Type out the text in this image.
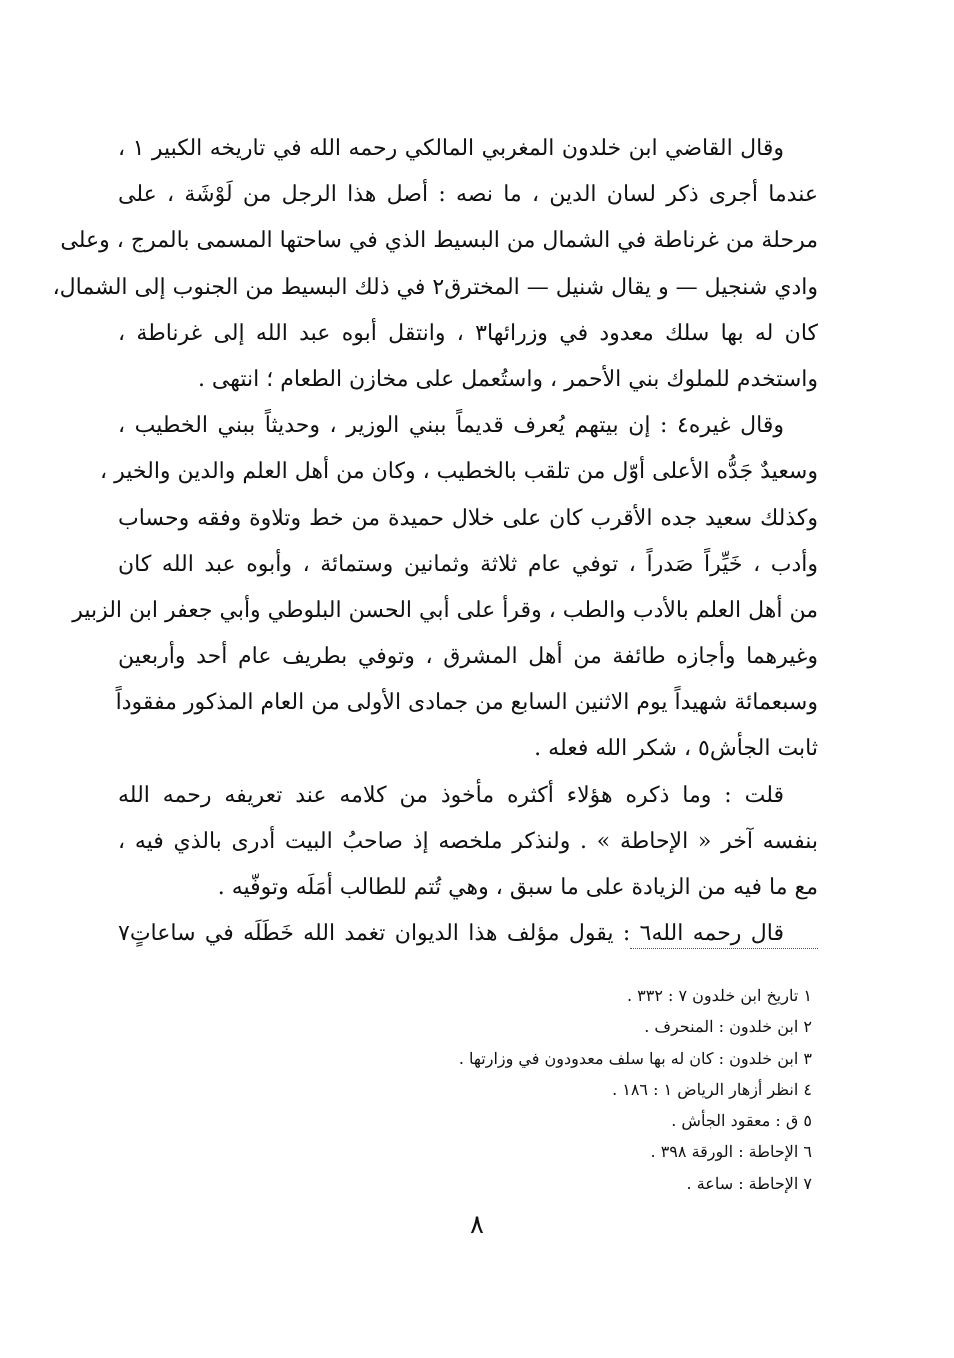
وقال القاضي ابن خلدون المغربي المالكي رحمه الله في تاريخه الكبير ١ ،
عندما أجرى ذكر لسان الدين ، ما نصه : أصل هذا الرجل من لَوْشَة ، على
مرحلة من غرناطة في الشمال من البسيط الذي في ساحتها المسمى بالمرج ، وعلى
وادي شنجيل — و يقال شنيل — المخترق٢ في ذلك البسيط من الجنوب إلى الشمال،
كان له بها سلك معدود في وزرائها٣ ، وانتقل أبوه عبد الله إلى غرناطة ،
واستخدم للملوك بني الأحمر ، واستُعمل على مخازن الطعام ؛ انتهى .
وقال غيره٤ : إن بيتهم يُعرف قديماً ببني الوزير ، وحديثاً ببني الخطيب ،
وسعيدٌ جَدُّه الأعلى أوّل من تلقب بالخطيب ، وكان من أهل العلم والدين والخير ،
وكذلك سعيد جده الأقرب كان على خلال حميدة من خط وتلاوة وفقه وحساب
وأدب ، خَيِّراً صَدراً ، توفي عام ثلاثة وثمانين وستمائة ، وأبوه عبد الله كان
من أهل العلم بالأدب والطب ، وقرأ على أبي الحسن البلوطي وأبي جعفر ابن الزبير
وغيرهما وأجازه طائفة من أهل المشرق ، وتوفي بطريف عام أحد وأربعين
وسبعمائة شهيداً يوم الاثنين السابع من جمادى الأولى من العام المذكور مفقوداً
ثابت الجأش٥ ، شكر الله فعله .
قلت : وما ذكره هؤلاء أكثره مأخوذ من كلامه عند تعريفه رحمه الله
بنفسه آخر « الإحاطة » . ولنذكر ملخصه إذ صاحبُ البيت أدرى بالذي فيه ،
مع ما فيه من الزيادة على ما سبق ، وهي تُتم للطالب أمَلَه وتوفّيه .
قال رحمه الله٦ : يقول مؤلف هذا الديوان تغمد الله خَطَلَه في ساعاتٍ٧
١ تاريخ ابن خلدون ٧ : ٣٣٢ .
٢ ابن خلدون : المنحرف .
٣ ابن خلدون : كان له بها سلف معدودون في وزارتها .
٤ انظر أزهار الرياض ١ : ١٨٦ .
٥ ق : معقود الجأش .
٦ الإحاطة : الورقة ٣٩٨ .
٧ الإحاطة : ساعة .
٨
